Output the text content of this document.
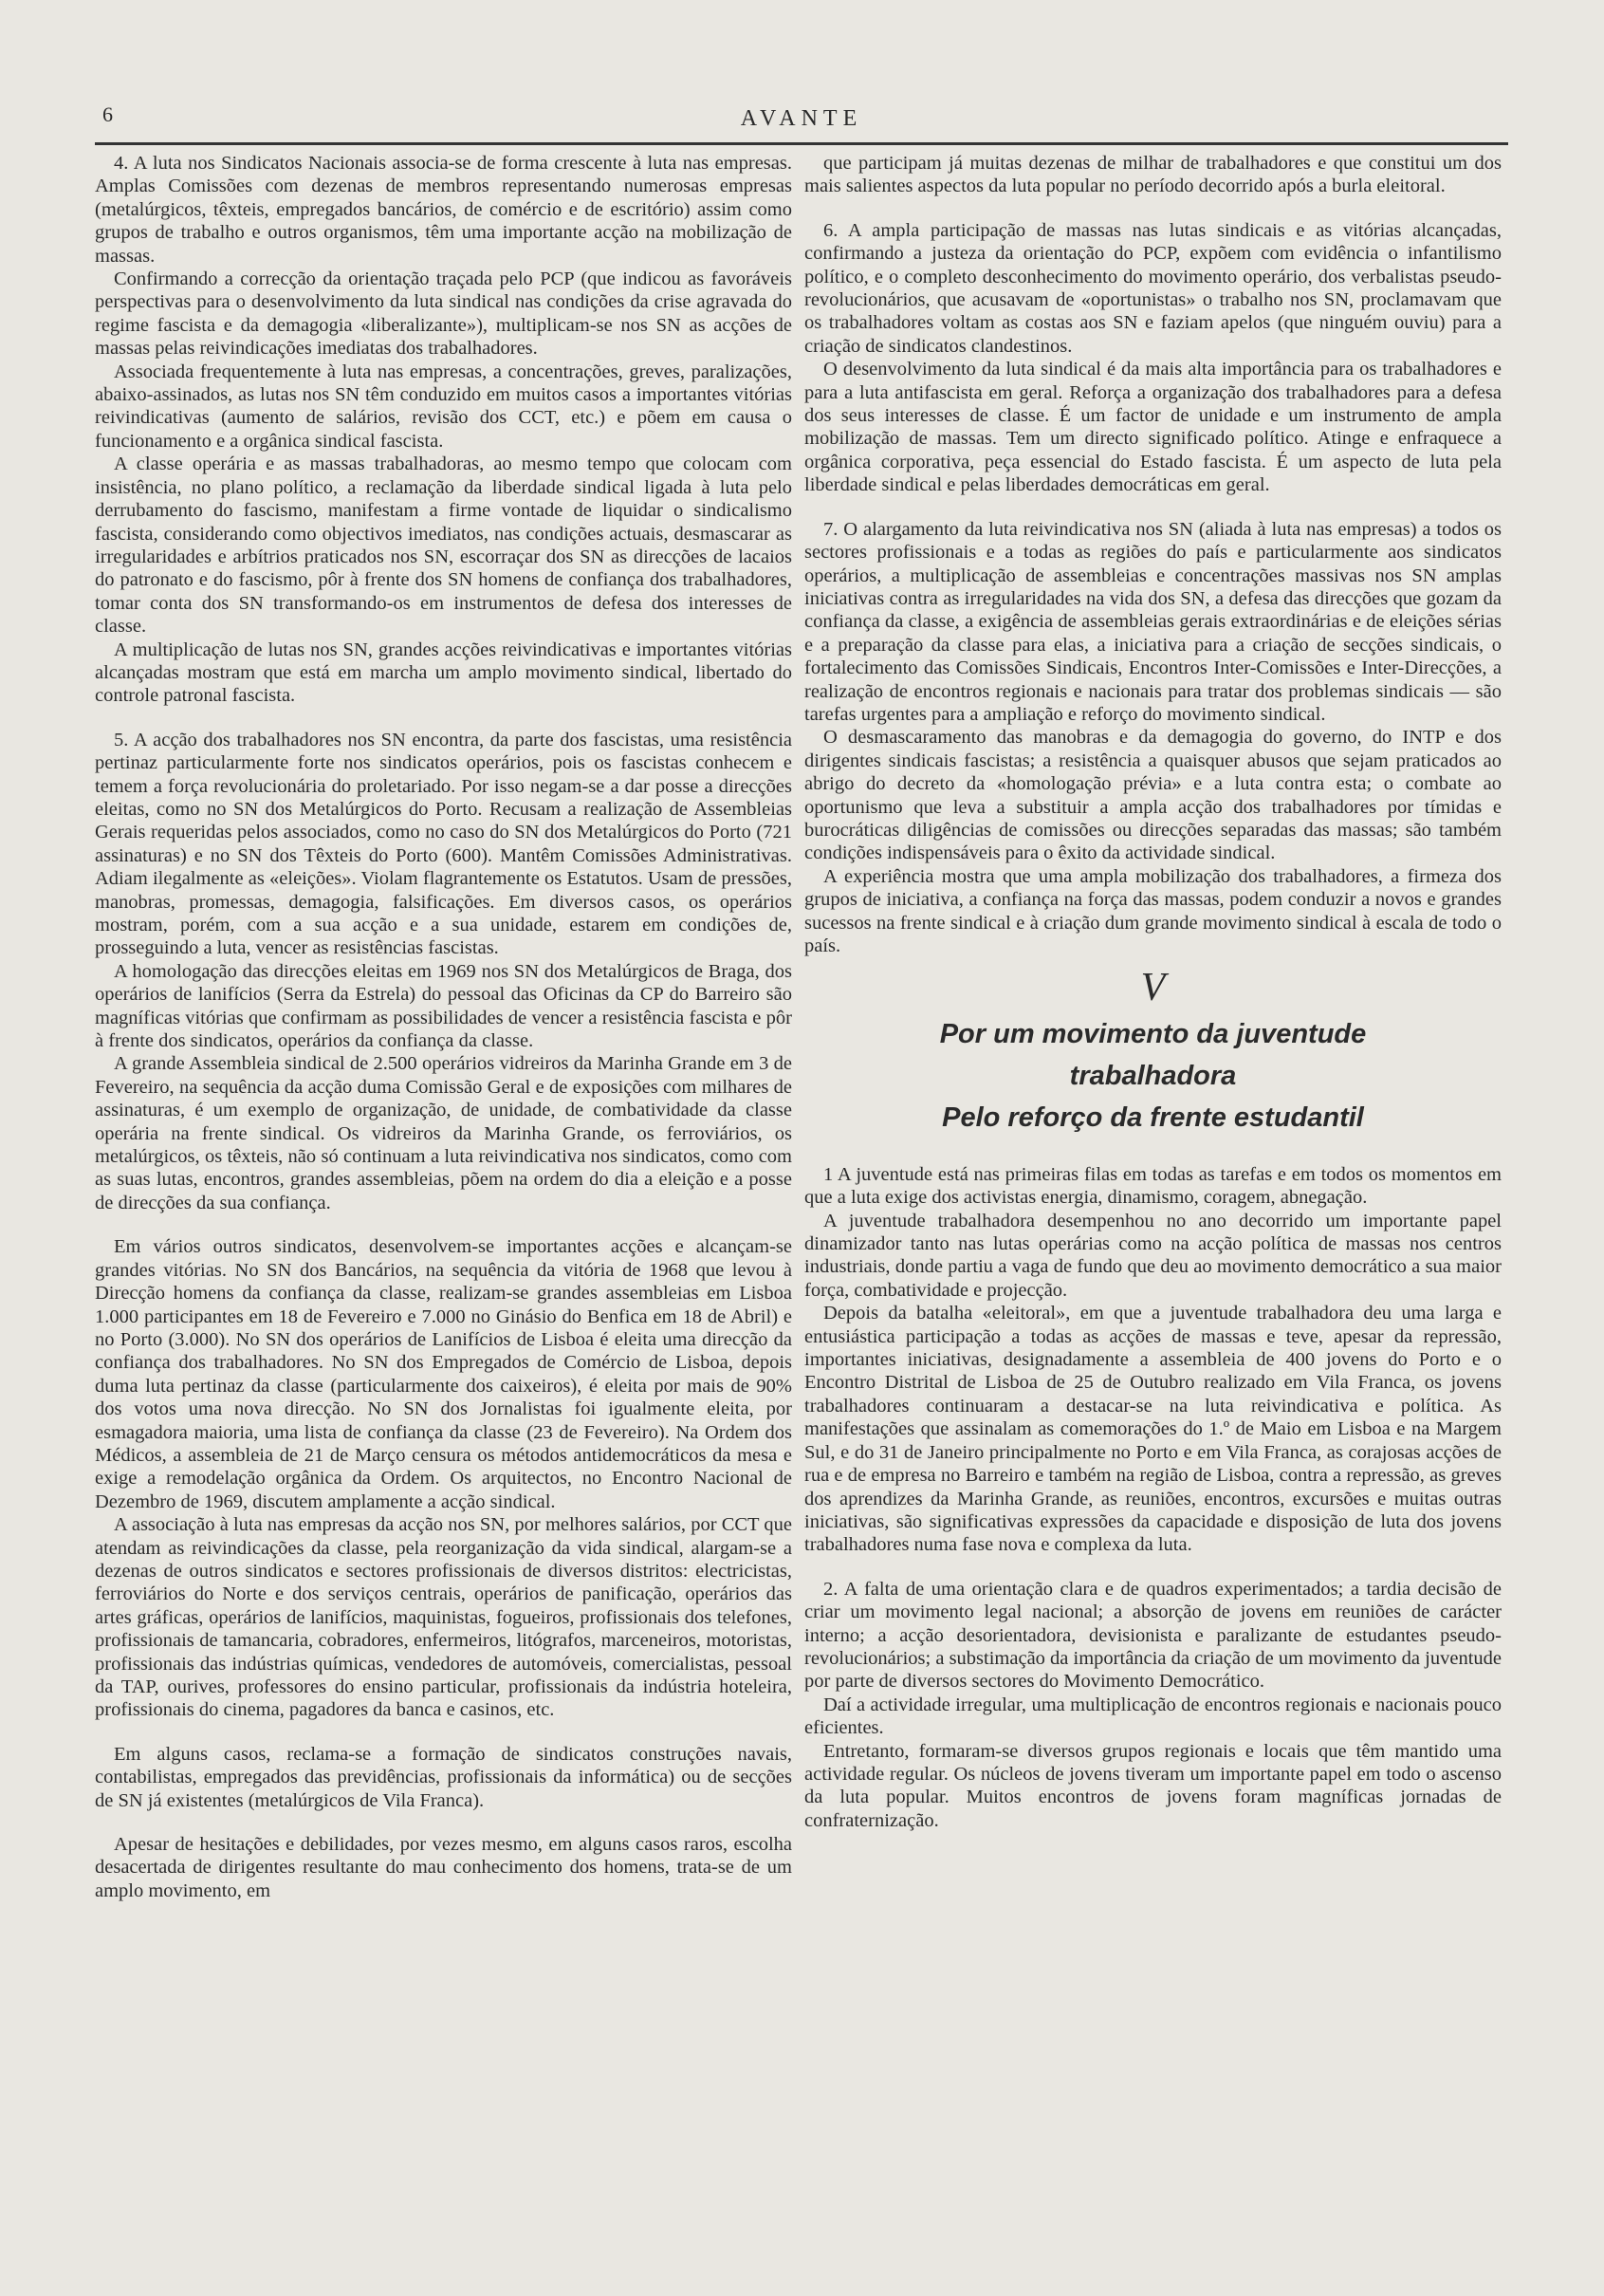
6	AVANTE

4. A luta nos Sindicatos Nacionais associa-se de forma crescente à luta nas empresas. Amplas Comissões com dezenas de membros representando numerosas empresas (metalúrgicos, têxteis, empregados bancários, de comércio e de escritório) assim como grupos de trabalho e outros organismos, têm uma importante acção na mobilização de massas.

Confirmando a correcção da orientação traçada pelo PCP (que indicou as favoráveis perspectivas para o desenvolvimento da luta sindical nas condições da crise agravada do regime fascista e da demagogia «liberalizante»), multiplicam-se nos SN as acções de massas pelas reivindicações imediatas dos trabalhadores.

Associada frequentemente à luta nas empresas, a concentrações, greves, paralizações, abaixo-assinados, as lutas nos SN têm conduzido em muitos casos a importantes vitórias reivindicativas (aumento de salários, revisão dos CCT, etc.) e põem em causa o funcionamento e a orgânica sindical fascista.

A classe operária e as massas trabalhadoras, ao mesmo tempo que colocam com insistência, no plano político, a reclamação da liberdade sindical ligada à luta pelo derrubamento do fascismo, manifestam a firme vontade de liquidar o sindicalismo fascista, considerando como objectivos imediatos, nas condições actuais, desmascarar as irregularidades e arbítrios praticados nos SN, escorraçar dos SN as direcções de lacaios do patronato e do fascismo, pôr à frente dos SN homens de confiança dos trabalhadores, tomar conta dos SN transformando-os em instrumentos de defesa dos interesses de classe.

A multiplicação de lutas nos SN, grandes acções reivindicativas e importantes vitórias alcançadas mostram que está em marcha um amplo movimento sindical, libertado do controle patronal fascista.

5. A acção dos trabalhadores nos SN encontra, da parte dos fascistas, uma resistência pertinaz particularmente forte nos sindicatos operários, pois os fascistas conhecem e temem a força revolucionária do proletariado. Por isso negam-se a dar posse a direcções eleitas, como no SN dos Metalúrgicos do Porto. Recusam a realização de Assembleias Gerais requeridas pelos associados, como no caso do SN dos Metalúrgicos do Porto (721 assinaturas) e no SN dos Têxteis do Porto (600). Mantêm Comissões Administrativas. Adiam ilegalmente as «eleições». Violam flagrantemente os Estatutos. Usam de pressões, manobras, promessas, demagogia, falsificações. Em diversos casos, os operários mostram, porém, com a sua acção e a sua unidade, estarem em condições de, prosseguindo a luta, vencer as resistências fascistas.

A homologação das direcções eleitas em 1969 nos SN dos Metalúrgicos de Braga, dos operários de lanifícios (Serra da Estrela) do pessoal das Oficinas da CP do Barreiro são magníficas vitórias que confirmam as possibilidades de vencer a resistência fascista e pôr à frente dos sindicatos, operários da confiança da classe.

A grande Assembleia sindical de 2.500 operários vidreiros da Marinha Grande em 3 de Fevereiro, na sequência da acção duma Comissão Geral e de exposições com milhares de assinaturas, é um exemplo de organização, de unidade, de combatividade da classe operária na frente sindical. Os vidreiros da Marinha Grande, os ferroviários, os metalúrgicos, os têxteis, não só continuam a luta reivindicativa nos sindicatos, como com as suas lutas, encontros, grandes assembleias, põem na ordem do dia a eleição e a posse de direcções da sua confiança.

Em vários outros sindicatos, desenvolvem-se importantes acções e alcançam-se grandes vitórias. No SN dos Bancários, na sequência da vitória de 1968 que levou à Direcção homens da confiança da classe, realizam-se grandes assembleias em Lisboa 1.000 participantes em 18 de Fevereiro e 7.000 no Ginásio do Benfica em 18 de Abril) e no Porto (3.000). No SN dos operários de Lanifícios de Lisboa é eleita uma direcção da confiança dos trabalhadores. No SN dos Empregados de Comércio de Lisboa, depois duma luta pertinaz da classe (particularmente dos caixeiros), é eleita por mais de 90% dos votos uma nova direcção. No SN dos Jornalistas foi igualmente eleita, por esmagadora maioria, uma lista de confiança da classe (23 de Fevereiro). Na Ordem dos Médicos, a assembleia de 21 de Março censura os métodos antidemocráticos da mesa e exige a remodelação orgânica da Ordem. Os arquitectos, no Encontro Nacional de Dezembro de 1969, discutem amplamente a acção sindical.

A associação à luta nas empresas da acção nos SN, por melhores salários, por CCT que atendam as reivindicações da classe, pela reorganização da vida sindical, alargam-se a dezenas de outros sindicatos e sectores profissionais de diversos distritos: electricistas, ferroviários do Norte e dos serviços centrais, operários de panificação, operários das artes gráficas, operários de lanifícios, maquinistas, fogueiros, profissionais dos telefones, profissionais de tamancaria, cobradores, enfermeiros, litógrafos, marceneiros, motoristas, profissionais das indústrias químicas, vendedores de automóveis, comercialistas, pessoal da TAP, ourives, professores do ensino particular, profissionais da indústria hoteleira, profissionais do cinema, pagadores da banca e casinos, etc.

Em alguns casos, reclama-se a formação de sindicatos construções navais, contabilistas, empregados das previdências, profissionais da informática) ou de secções de SN já existentes (metalúrgicos de Vila Franca).

Apesar de hesitações e debilidades, por vezes mesmo, em alguns casos raros, escolha desacertada de dirigentes resultante do mau conhecimento dos homens, trata-se de um amplo movimento, em

que participam já muitas dezenas de milhar de trabalhadores e que constitui um dos mais salientes aspectos da luta popular no período decorrido após a burla eleitoral.

6. A ampla participação de massas nas lutas sindicais e as vitórias alcançadas, confirmando a justeza da orientação do PCP, expõem com evidência o infantilismo político, e o completo desconhecimento do movimento operário, dos verbalistas pseudo-revolucionários, que acusavam de «oportunistas» o trabalho nos SN, proclamavam que os trabalhadores voltam as costas aos SN e faziam apelos (que ninguém ouviu) para a criação de sindicatos clandestinos.

O desenvolvimento da luta sindical é da mais alta importância para os trabalhadores e para a luta antifascista em geral. Reforça a organização dos trabalhadores para a defesa dos seus interesses de classe. É um factor de unidade e um instrumento de ampla mobilização de massas. Tem um directo significado político. Atinge e enfraquece a orgânica corporativa, peça essencial do Estado fascista. É um aspecto de luta pela liberdade sindical e pelas liberdades democráticas em geral.

7. O alargamento da luta reivindicativa nos SN (aliada à luta nas empresas) a todos os sectores profissionais e a todas as regiões do país e particularmente aos sindicatos operários, a multiplicação de assembleias e concentrações massivas nos SN amplas iniciativas contra as irregularidades na vida dos SN, a defesa das direcções que gozam da confiança da classe, a exigência de assembleias gerais extraordinárias e de eleições sérias e a preparação da classe para elas, a iniciativa para a criação de secções sindicais, o fortalecimento das Comissões Sindicais, Encontros Inter-Comissões e Inter-Direcções, a realização de encontros regionais e nacionais para tratar dos problemas sindicais — são tarefas urgentes para a ampliação e reforço do movimento sindical.

O desmascaramento das manobras e da demagogia do governo, do INTP e dos dirigentes sindicais fascistas; a resistência a quaisquer abusos que sejam praticados ao abrigo do decreto da «homologação prévia» e a luta contra esta; o combate ao oportunismo que leva a substituir a ampla acção dos trabalhadores por tímidas e burocráticas diligências de comissões ou direcções separadas das massas; são também condições indispensáveis para o êxito da actividade sindical.

A experiência mostra que uma ampla mobilização dos trabalhadores, a firmeza dos grupos de iniciativa, a confiança na força das massas, podem conduzir a novos e grandes sucessos na frente sindical e à criação dum grande movimento sindical à escala de todo o país.

V
Por um movimento da juventude
trabalhadora
Pelo reforço da frente estudantil

1 A juventude está nas primeiras filas em todas as tarefas e em todos os momentos em que a luta exige dos activistas energia, dinamismo, coragem, abnegação.

A juventude trabalhadora desempenhou no ano decorrido um importante papel dinamizador tanto nas lutas operárias como na acção política de massas nos centros industriais, donde partiu a vaga de fundo que deu ao movimento democrático a sua maior força, combatividade e projecção.

Depois da batalha «eleitoral», em que a juventude trabalhadora deu uma larga e entusiástica participação a todas as acções de massas e teve, apesar da repressão, importantes iniciativas, designadamente a assembleia de 400 jovens do Porto e o Encontro Distrital de Lisboa de 25 de Outubro realizado em Vila Franca, os jovens trabalhadores continuaram a destacar-se na luta reivindicativa e política. As manifestações que assinalam as comemorações do 1.º de Maio em Lisboa e na Margem Sul, e do 31 de Janeiro principalmente no Porto e em Vila Franca, as corajosas acções de rua e de empresa no Barreiro e também na região de Lisboa, contra a repressão, as greves dos aprendizes da Marinha Grande, as reuniões, encontros, excursões e muitas outras iniciativas, são significativas expressões da capacidade e disposição de luta dos jovens trabalhadores numa fase nova e complexa da luta.

2. A falta de uma orientação clara e de quadros experimentados; a tardia decisão de criar um movimento legal nacional; a absorção de jovens em reuniões de carácter interno; a acção desorientadora, devisionista e paralizante de estudantes pseudo-revolucionários; a substimação da importância da criação de um movimento da juventude por parte de diversos sectores do Movimento Democrático.

Daí a actividade irregular, uma multiplicação de encontros regionais e nacionais pouco eficientes.

Entretanto, formaram-se diversos grupos regionais e locais que têm mantido uma actividade regular. Os núcleos de jovens tiveram um importante papel em todo o ascenso da luta popular. Muitos encontros de jovens foram magníficas jornadas de confraternização.
